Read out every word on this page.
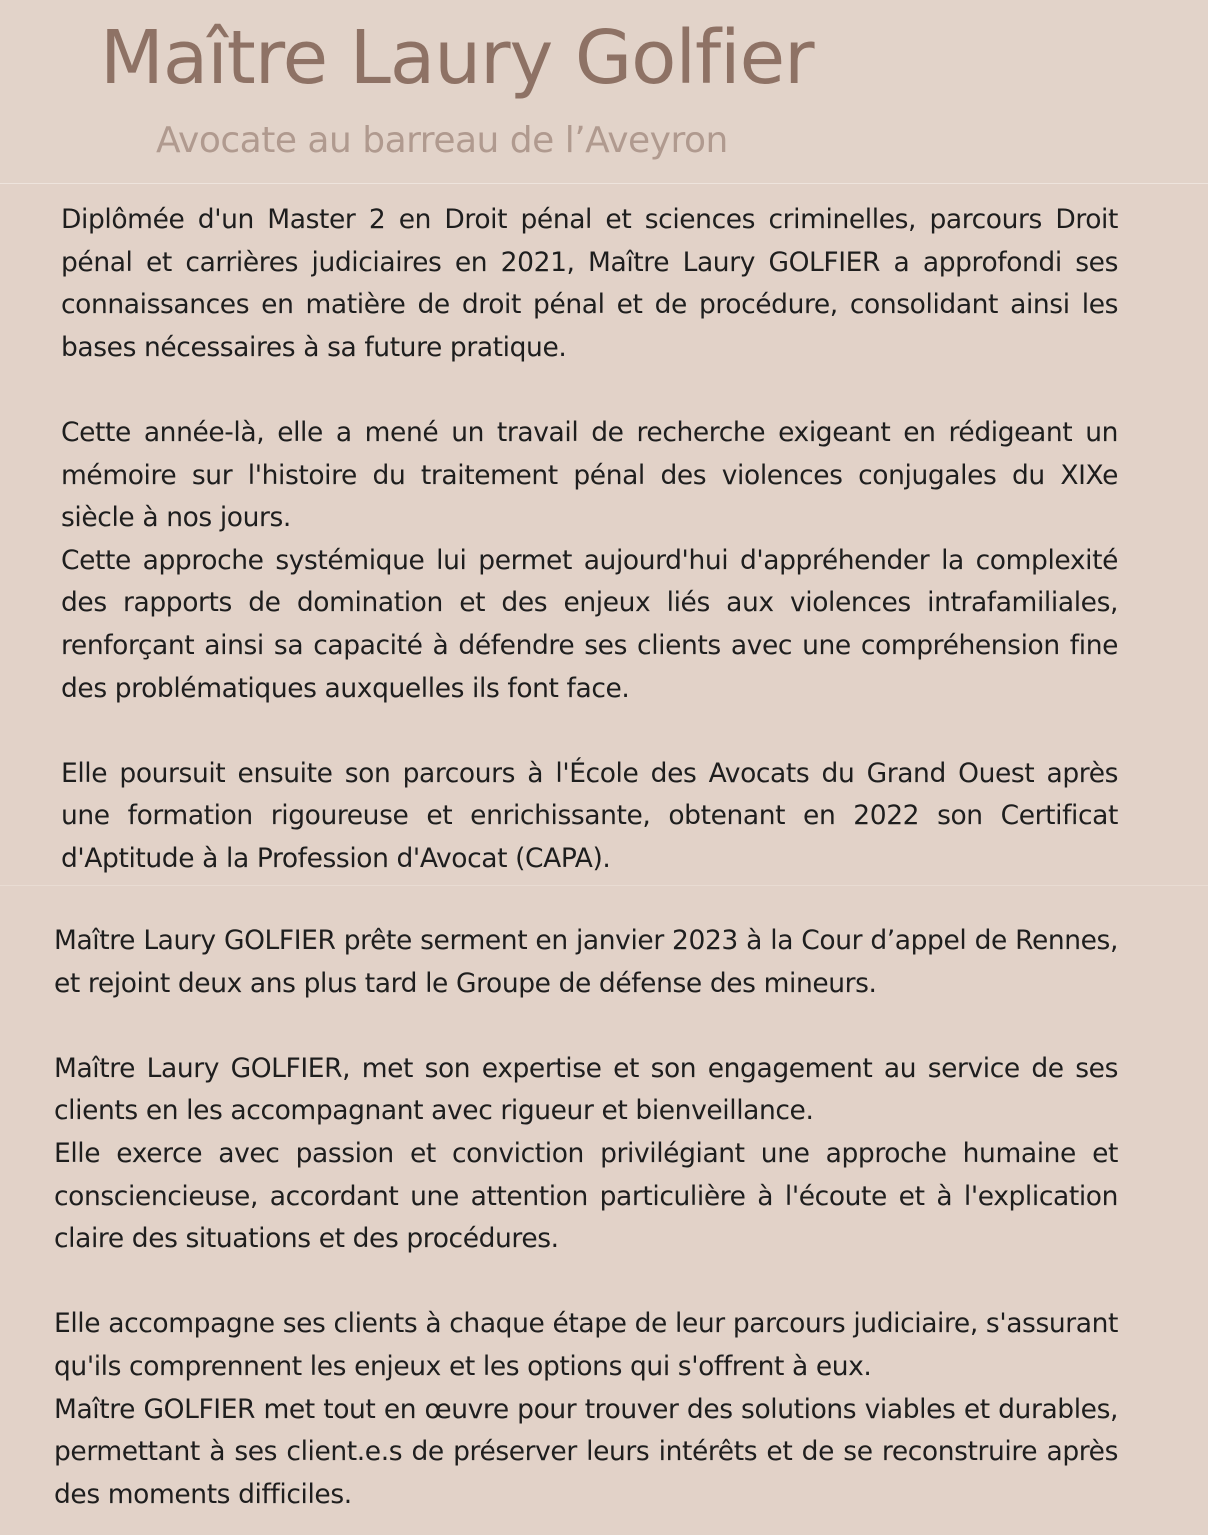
Maître Laury Golfier

Avocate au barreau de l’Aveyron

Diplômée d'un Master 2 en Droit pénal et sciences criminelles, parcours Droit pénal et carrières judiciaires en 2021, Maître Laury GOLFIER a approfondi ses connaissances en matière de droit pénal et de procédure, consolidant ainsi les bases nécessaires à sa future pratique.

Cette année-là, elle a mené un travail de recherche exigeant en rédigeant un mémoire sur l'histoire du traitement pénal des violences conjugales du XIXe siècle à nos jours.

Cette approche systémique lui permet aujourd'hui d'appréhender la complexité des rapports de domination et des enjeux liés aux violences intrafamiliales, renforçant ainsi sa capacité à défendre ses clients avec une compréhension fine des problématiques auxquelles ils font face.

Elle poursuit ensuite son parcours à l'École des Avocats du Grand Ouest après une formation rigoureuse et enrichissante, obtenant en 2022 son Certificat d'Aptitude à la Profession d'Avocat (CAPA).

Maître Laury GOLFIER prête serment en janvier 2023 à la Cour d’appel de Rennes, et rejoint deux ans plus tard le Groupe de défense des mineurs.

Maître Laury GOLFIER, met son expertise et son engagement au service de ses clients en les accompagnant avec rigueur et bienveillance.

Elle exerce avec passion et conviction privilégiant une approche humaine et consciencieuse, accordant une attention particulière à l'écoute et à l'explication claire des situations et des procédures.

Elle accompagne ses clients à chaque étape de leur parcours judiciaire, s'assurant qu'ils comprennent les enjeux et les options qui s'offrent à eux.

Maître GOLFIER met tout en œuvre pour trouver des solutions viables et durables, permettant à ses client.e.s de préserver leurs intérêts et de se reconstruire après des moments difficiles.
